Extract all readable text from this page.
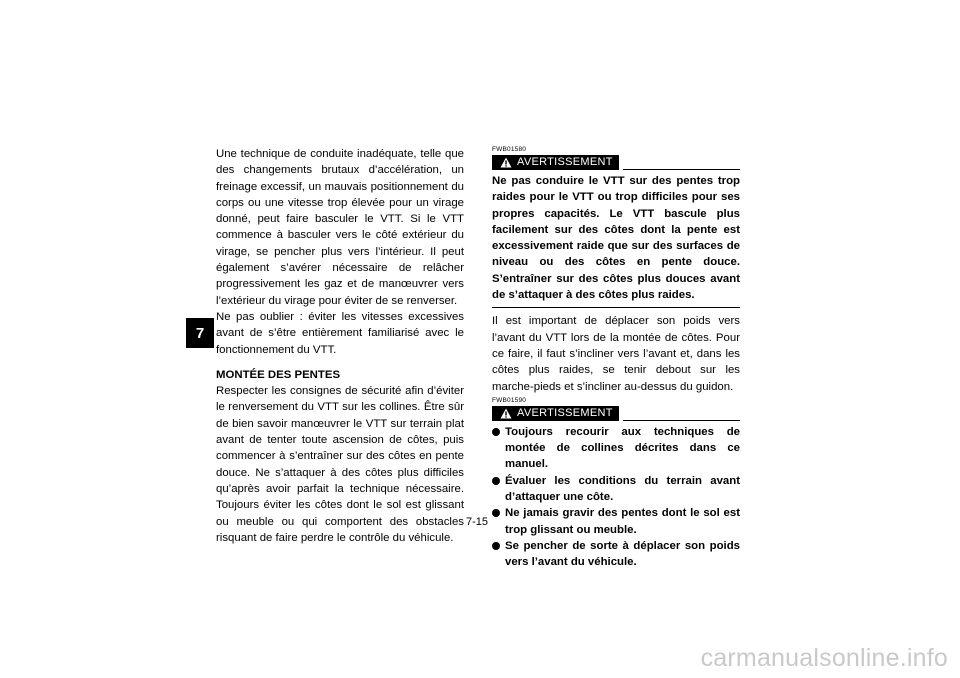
7

Une technique de conduite inadéquate, telle que des changements brutaux d’accélération, un freinage excessif, un mauvais positionnement du corps ou une vitesse trop élevée pour un virage donné, peut faire basculer le VTT. Si le VTT commence à basculer vers le côté extérieur du virage, se pencher plus vers l’intérieur. Il peut également s’avérer nécessaire de relâcher progressivement les gaz et de manœuvrer vers l’extérieur du virage pour éviter de se renverser.

Ne pas oublier : éviter les vitesses excessives avant de s’être entièrement familiarisé avec le fonctionnement du VTT.

MONTÉE DES PENTES

Respecter les consignes de sécurité afin d’éviter le renversement du VTT sur les collines. Être sûr de bien savoir manœuvrer le VTT sur terrain plat avant de tenter toute ascension de côtes, puis commencer à s’entraîner sur des côtes en pente douce. Ne s’attaquer à des côtes plus difficiles qu’après avoir parfait la technique nécessaire. Toujours éviter les côtes dont le sol est glissant ou meuble ou qui comportent des obstacles risquant de faire perdre le contrôle du véhicule.

FWB01580

AVERTISSEMENT

Ne pas conduire le VTT sur des pentes trop raides pour le VTT ou trop difficiles pour ses propres capacités. Le VTT bascule plus facilement sur des côtes dont la pente est excessivement raide que sur des surfaces de niveau ou des côtes en pente douce. S’entraîner sur des côtes plus douces avant de s’attaquer à des côtes plus raides.

Il est important de déplacer son poids vers l’avant du VTT lors de la montée de côtes. Pour ce faire, il faut s’incliner vers l’avant et, dans les côtes plus raides, se tenir debout sur les marche-pieds et s’incliner au-dessus du guidon.

FWB01590

AVERTISSEMENT
Toujours recourir aux techniques de montée de collines décrites dans ce manuel.
Évaluer les conditions du terrain avant d’attaquer une côte.
Ne jamais gravir des pentes dont le sol est trop glissant ou meuble.
Se pencher de sorte à déplacer son poids vers l’avant du véhicule.
7-15
carmanualsonline.info
